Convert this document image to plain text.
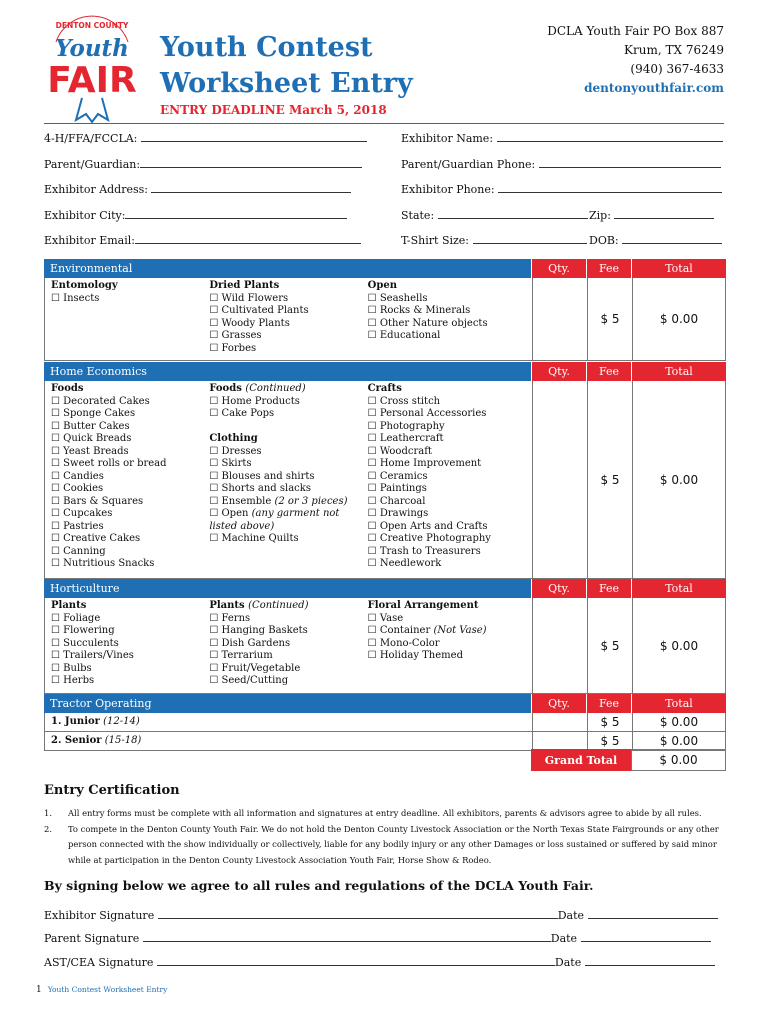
DENTON COUNTY
Youth
FAIR
Youth Contest
Worksheet Entry
ENTRY DEADLINE March 5, 2018
DCLA Youth Fair PO Box 887
Krum, TX 76249
(940) 367-4633
dentonyouthfair.com
4-H/FFA/FCCLA:	Exhibitor Name:
Parent/Guardian:	Parent/Guardian Phone:
Exhibitor Address:	Exhibitor Phone:
Exhibitor City:	State:	Zip:
Exhibitor Email:	T-Shirt Size:	DOB:
Environmental	Qty.	Fee	Total
Entomology
☐ Insects
Dried Plants
☐ Wild Flowers
☐ Cultivated Plants
☐ Woody Plants
☐ Grasses
☐ Forbes
Open
☐ Seashells
☐ Rocks & Minerals
☐ Other Nature objects
☐ Educational
$ 5	$ 0.00
Home Economics	Qty.	Fee	Total
Foods
☐ Decorated Cakes
☐ Sponge Cakes
☐ Butter Cakes
☐ Quick Breads
☐ Yeast Breads
☐ Sweet rolls or bread
☐ Candies
☐ Cookies
☐ Bars & Squares
☐ Cupcakes
☐ Pastries
☐ Creative Cakes
☐ Canning
☐ Nutritious Snacks
Foods (Continued)
☐ Home Products
☐ Cake Pops
Clothing
☐ Dresses
☐ Skirts
☐ Blouses and shirts
☐ Shorts and slacks
☐ Ensemble (2 or 3 pieces)
☐ Open (any garment not listed above)
☐ Machine Quilts
Crafts
☐ Cross stitch
☐ Personal Accessories
☐ Photography
☐ Leathercraft
☐ Woodcraft
☐ Home Improvement
☐ Ceramics
☐ Paintings
☐ Charcoal
☐ Drawings
☐ Open Arts and Crafts
☐ Creative Photography
☐ Trash to Treasurers
☐ Needlework
$ 5	$ 0.00
Horticulture	Qty.	Fee	Total
Plants
☐ Foliage
☐ Flowering
☐ Succulents
☐ Trailers/Vines
☐ Bulbs
☐ Herbs
Plants (Continued)
☐ Ferns
☐ Hanging Baskets
☐ Dish Gardens
☐ Terrarium
☐ Fruit/Vegetable
☐ Seed/Cutting
Floral Arrangement
☐ Vase
☐ Container (Not Vase)
☐ Mono-Color
☐ Holiday Themed
$ 5	$ 0.00
Tractor Operating	Qty.	Fee	Total
1. Junior (12-14)	$ 5	$ 0.00
2. Senior (15-18)	$ 5	$ 0.00
Grand Total	$ 0.00
Entry Certification
1.	All entry forms must be complete with all information and signatures at entry deadline. All exhibitors, parents & advisors agree to abide by all rules.
2.	To compete in the Denton County Youth Fair. We do not hold the Denton County Livestock Association or the North Texas State Fairgrounds or any other person connected with the show individually or collectively, liable for any bodily injury or any other Damages or loss sustained or suffered by said minor while at participation in the Denton County Livestock Association Youth Fair, Horse Show & Rodeo.
By signing below we agree to all rules and regulations of the DCLA Youth Fair.
Exhibitor Signature	Date
Parent Signature	Date
AST/CEA Signature	Date
1 Youth Contest Worksheet Entry
